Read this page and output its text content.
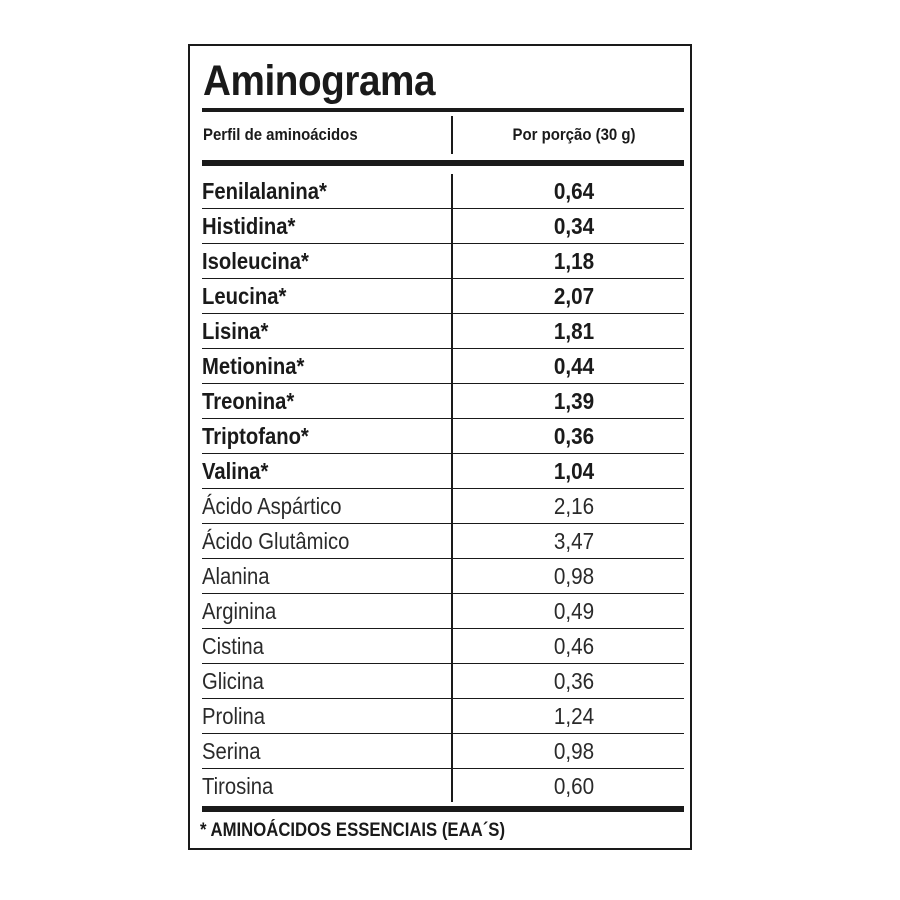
Aminograma
Perfil de aminoácidos	Por porção (30 g)
Fenilalanina*	0,64
Histidina*	0,34
Isoleucina*	1,18
Leucina*	2,07
Lisina*	1,81
Metionina*	0,44
Treonina*	1,39
Triptofano*	0,36
Valina*	1,04
Ácido Aspártico	2,16
Ácido Glutâmico	3,47
Alanina	0,98
Arginina	0,49
Cistina	0,46
Glicina	0,36
Prolina	1,24
Serina	0,98
Tirosina	0,60
* AMINOÁCIDOS ESSENCIAIS (EAA´S)
